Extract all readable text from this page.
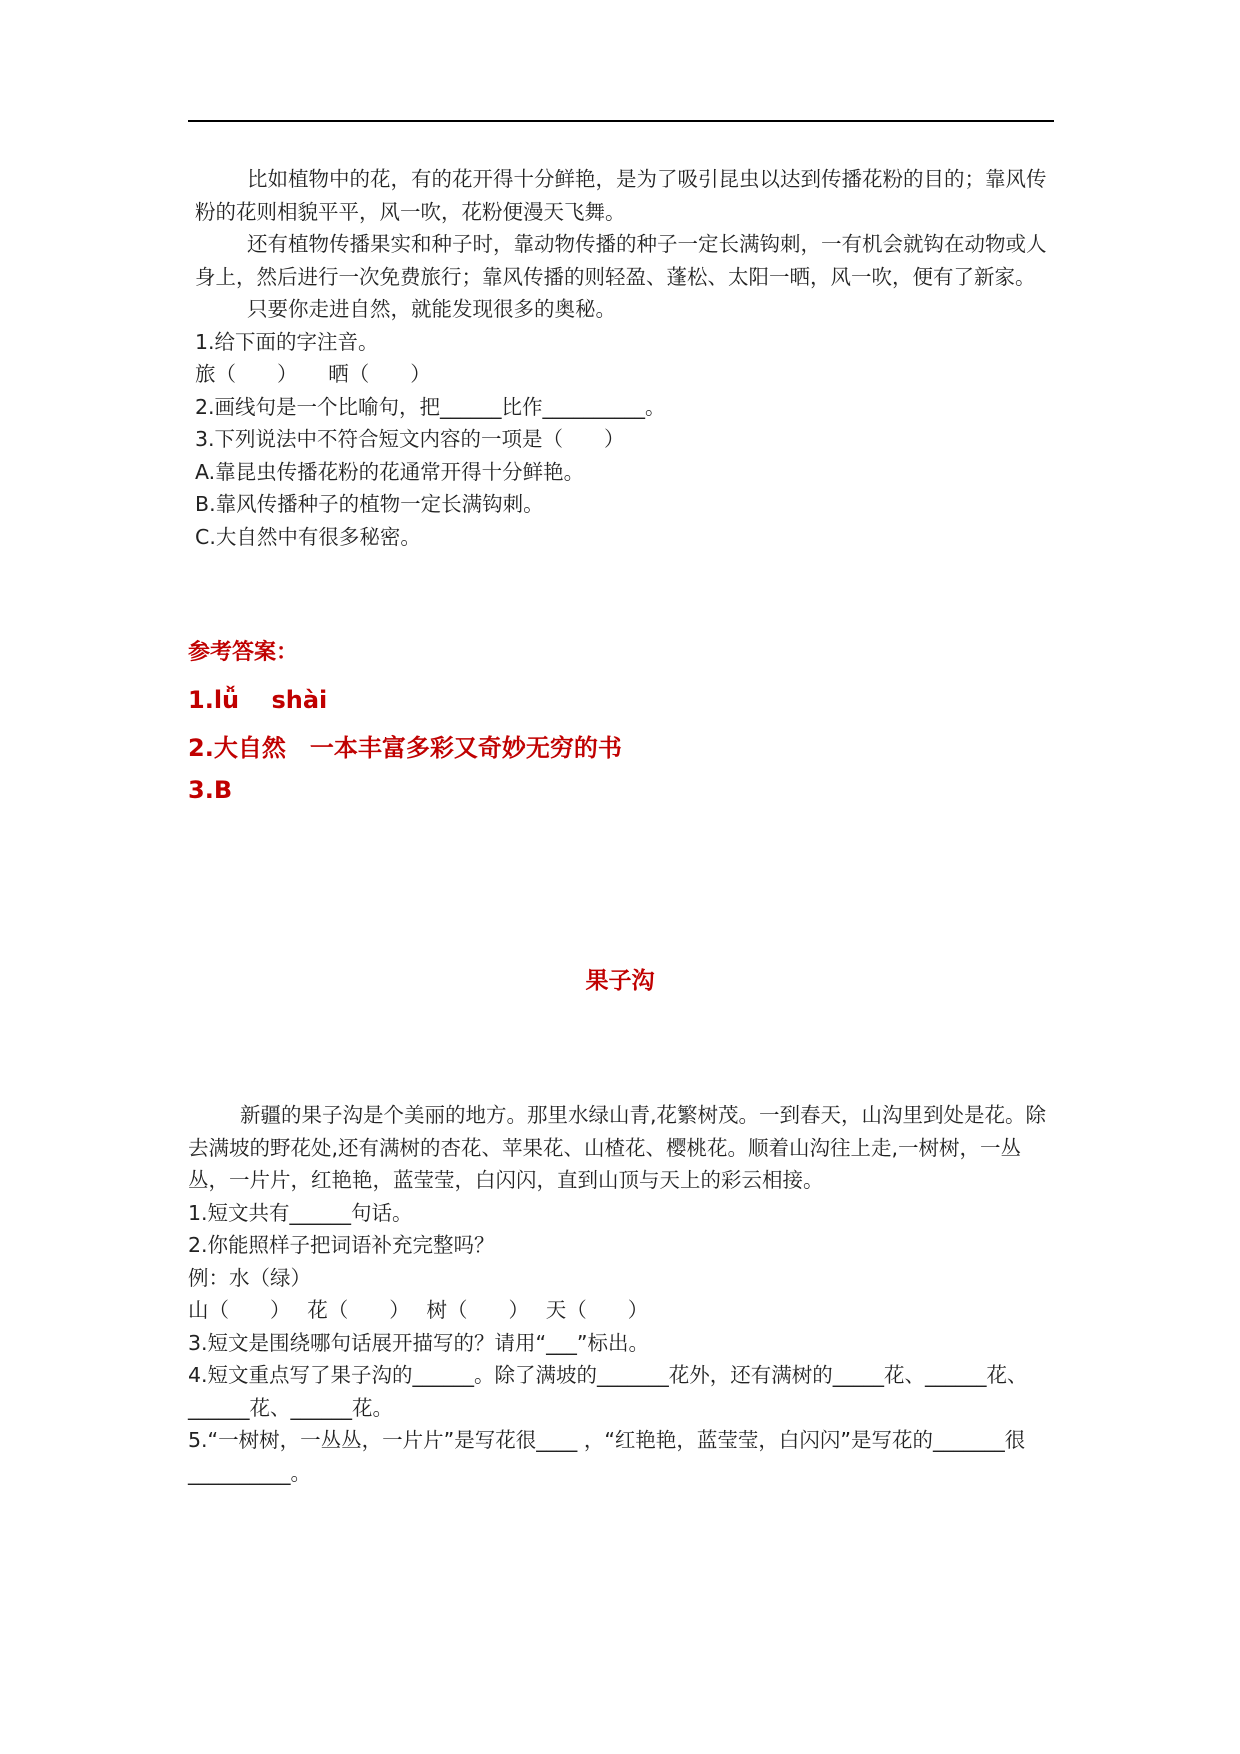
比如植物中的花，有的花开得十分鲜艳，是为了吸引昆虫以达到传播花粉的目的；靠风传粉的花则相貌平平，风一吹，花粉便漫天飞舞。

还有植物传播果实和种子时，靠动物传播的种子一定长满钩刺，一有机会就钩在动物或人身上，然后进行一次免费旅行；靠风传播的则轻盈、蓬松、太阳一晒，风一吹，便有了新家。

只要你走进自然，就能发现很多的奥秘。

1.给下面的字注音。

旅（　　）　　晒（　　）

2.画线句是一个比喻句，把______比作__________。

3.下列说法中不符合短文内容的一项是（　　）

A.靠昆虫传播花粉的花通常开得十分鲜艳。

B.靠风传播种子的植物一定长满钩刺。

C.大自然中有很多秘密。

参考答案：

1.lǚ　 shài

2.大自然　一本丰富多彩又奇妙无穷的书

3.B

果子沟

新疆的果子沟是个美丽的地方。那里水绿山青,花繁树茂。一到春天，山沟里到处是花。除去满坡的野花处,还有满树的杏花、苹果花、山楂花、樱桃花。顺着山沟往上走,一树树，一丛丛，一片片，红艳艳，蓝莹莹，白闪闪，直到山顶与天上的彩云相接。

1.短文共有______句话。

2.你能照样子把词语补充完整吗？

例：水（绿）

山（　　）　 花（　　）　 树（　　）　 天（　　）

3.短文是围绕哪句话展开描写的？请用“___”标出。

4.短文重点写了果子沟的______。除了满坡的_______花外，还有满树的_____花、______花、______花、______花。

5.“一树树，一丛丛，一片片”是写花很____ ，“红艳艳，蓝莹莹，白闪闪”是写花的_______很__________。
